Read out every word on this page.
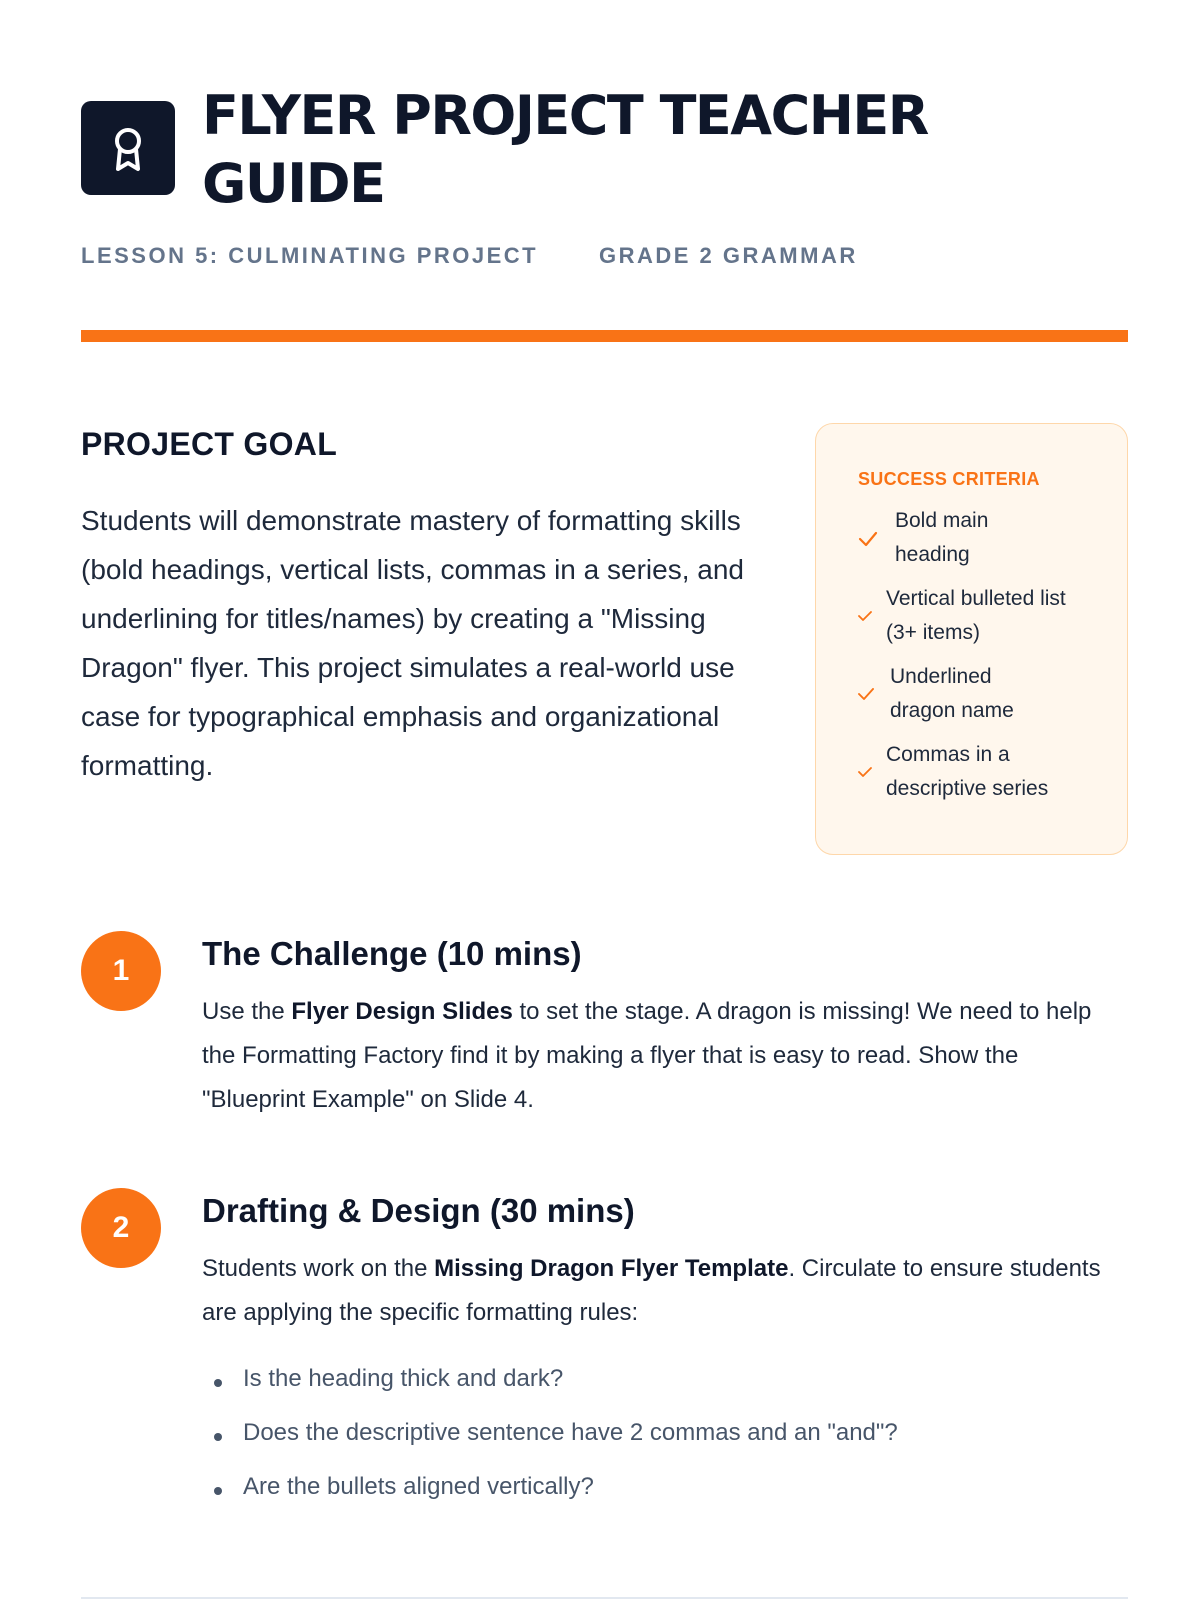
FLYER PROJECT TEACHER GUIDE
LESSON 5: CULMINATING PROJECT	GRADE 2 GRAMMAR
PROJECT GOAL
Students will demonstrate mastery of formatting skills (bold headings, vertical lists, commas in a series, and underlining for titles/names) by creating a "Missing Dragon" flyer. This project simulates a real-world use case for typographical emphasis and organizational formatting.
SUCCESS CRITERIA
Bold main heading
Vertical bulleted list (3+ items)
Underlined dragon name
Commas in a descriptive series
1	The Challenge (10 mins)
Use the Flyer Design Slides to set the stage. A dragon is missing! We need to help the Formatting Factory find it by making a flyer that is easy to read. Show the "Blueprint Example" on Slide 4.
2	Drafting & Design (30 mins)
Students work on the Missing Dragon Flyer Template. Circulate to ensure students are applying the specific formatting rules:
Is the heading thick and dark?
Does the descriptive sentence have 2 commas and an "and"?
Are the bullets aligned vertically?
